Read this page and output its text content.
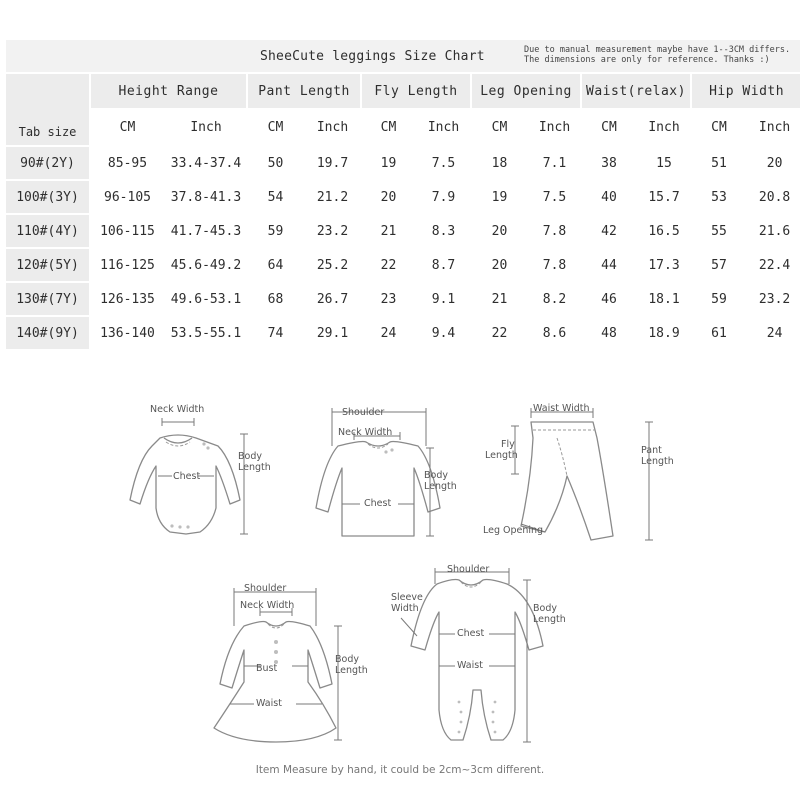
SheeCute leggings Size Chart Due to manual measurement maybe have 1--3CM differs.
The dimensions are only for reference. Thanks :)												

Tab size	Height Range		Pant Length		Fly Length		Leg Opening		Waist(relax)		Hip Width	
	CM	Inch	CM	Inch	CM	Inch	CM	Inch	CM	Inch	CM	Inch
90#(2Y)	85-95	33.4-37.4	50	19.7	19	7.5	18	7.1	38	15	51	20
100#(3Y)	96-105	37.8-41.3	54	21.2	20	7.9	19	7.5	40	15.7	53	20.8
110#(4Y)	106-115	41.7-45.3	59	23.2	21	8.3	20	7.8	42	16.5	55	21.6
120#(5Y)	116-125	45.6-49.2	64	25.2	22	8.7	20	7.8	44	17.3	57	22.4
130#(7Y)	126-135	49.6-53.1	68	26.7	23	9.1	21	8.2	46	18.1	59	23.2
140#(9Y)	136-140	53.5-55.1	74	29.1	24	9.4	22	8.6	48	18.9	61	24
Neck Width
Chest
Body
Length
Shoulder
Neck Width
Chest
Body
Length
Waist Width
Fly
Length
Leg Opening
Pant
Length
Shoulder
Neck Width
Bust
Waist
Body
Length
Shoulder
Sleeve
Width
Chest
Waist
Body
Length
Item Measure by hand, it could be 2cm~3cm different.
